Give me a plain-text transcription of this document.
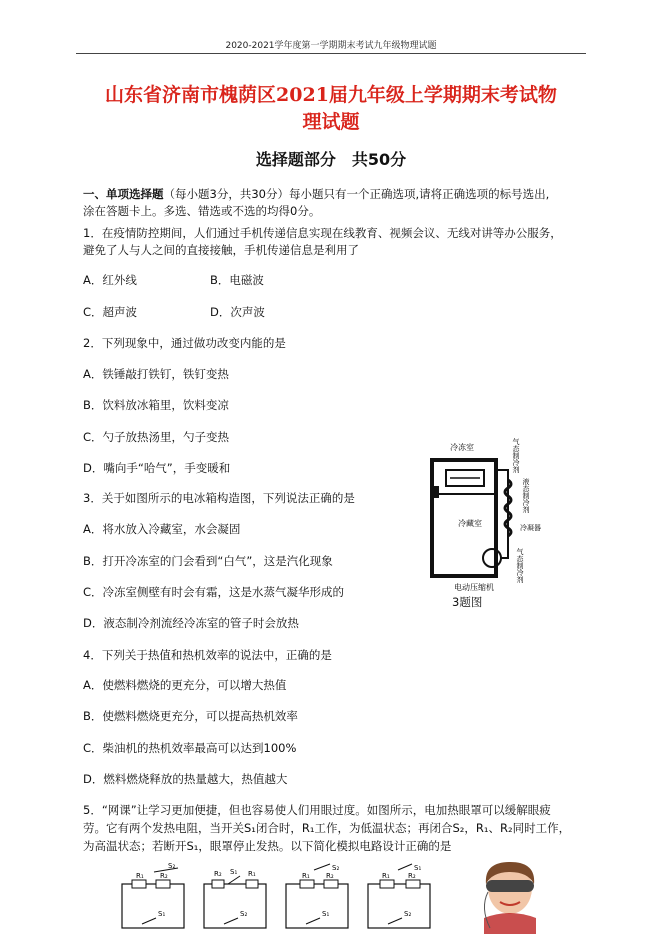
2020-2021学年度第一学期期末考试九年级物理试题
山东省济南市槐荫区2021届九年级上学期期末考试物
理试题
选择题部分　共50分
一、单项选择题（每小题3分，共30分）每小题只有一个正确选项,请将正确选项的标号选出,
涂在答题卡上。多选、错选或不选的均得0分。
1．在疫情防控期间，人们通过手机传递信息实现在线教育、视频会议、无线对讲等办公服务，
避免了人与人之间的直接接触，手机传递信息是利用了
A．红外线	B．电磁波
C．超声波	D．次声波
2．下列现象中，通过做功改变内能的是
A．铁锤敲打铁钉，铁钉变热
B．饮料放冰箱里，饮料变凉
C．勺子放热汤里，勺子变热
D．嘴向手“哈气”，手变暖和
3．关于如图所示的电冰箱构造图，下列说法正确的是
A．将水放入冷藏室，水会凝固
B．打开冷冻室的门会看到“白气”，这是汽化现象
C．冷冻室侧壁有时会有霜，这是水蒸气凝华形成的
D．液态制冷剂流经冷冻室的管子时会放热
冷冻室
冷藏室
电动压缩机
冷凝器
气态制冷剂
液态制冷剂
气态制冷剂
3题图
4．下列关于热值和热机效率的说法中，正确的是
A．使燃料燃烧的更充分，可以增大热值
B．使燃料燃烧更充分，可以提高热机效率
C．柴油机的热机效率最高可以达到100%
D．燃料燃烧释放的热量越大，热值越大
5．“网课”让学习更加便捷，但也容易使人们用眼过度。如图所示，电加热眼罩可以缓解眼疲
劳。它有两个发热电阻，当开关S₁闭合时，R₁工作，为低温状态；再闭合S₂，R₁、R₂同时工作，
为高温状态；若断开S₁，眼罩停止发热。以下简化模拟电路设计正确的是
R₁ R₂
S₂
S₁
R₂ S₁ R₁
S₂
R₁ R₂
S₂
S₁
R₁	R₂
S₁
S₂
